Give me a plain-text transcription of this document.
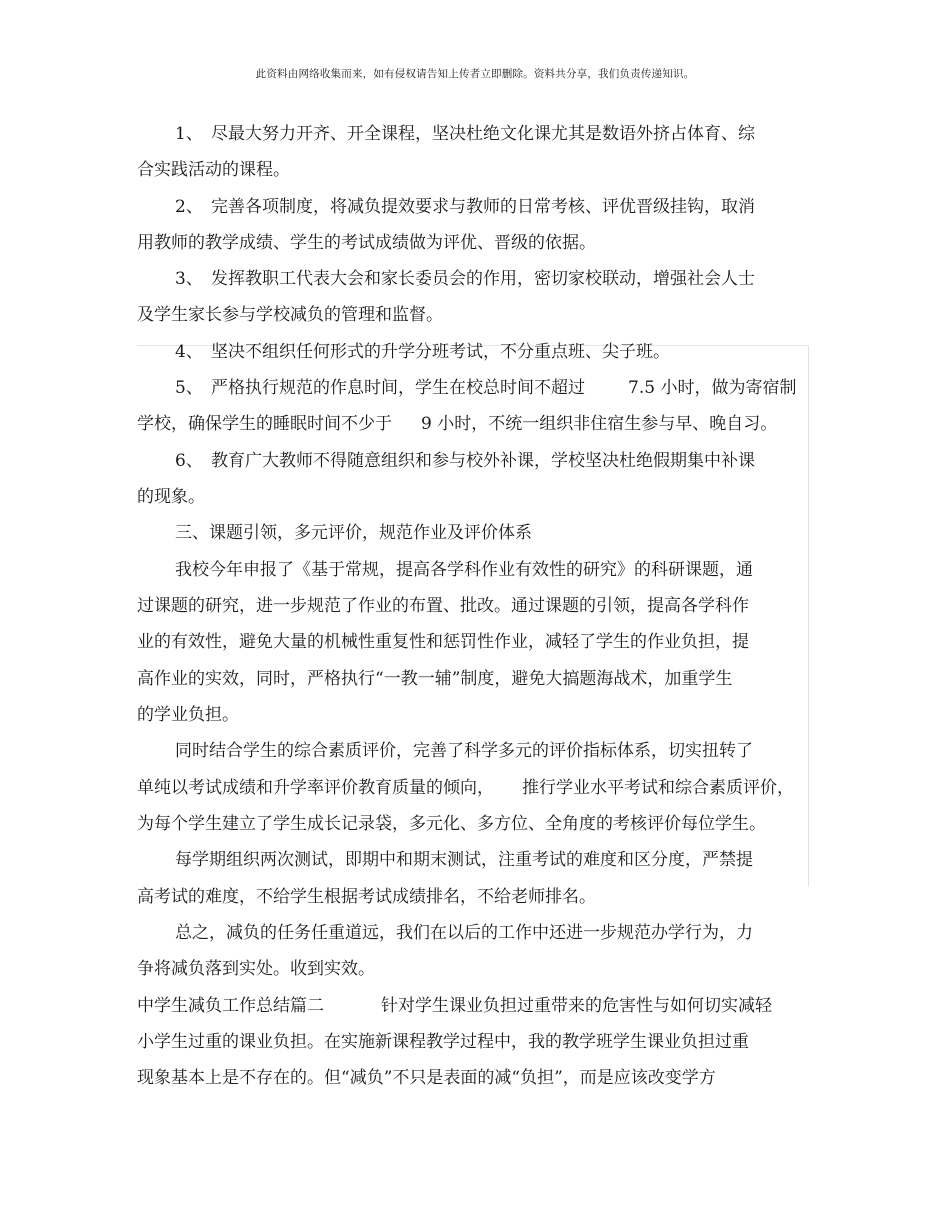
此资料由网络收集而来，如有侵权请告知上传者立即删除。资料共分享，我们负责传递知识。
1、 尽最大努力开齐、开全课程，坚决杜绝文化课尤其是数语外挤占体育、综
合实践活动的课程。
2、 完善各项制度，将减负提效要求与教师的日常考核、评优晋级挂钩，取消
用教师的教学成绩、学生的考试成绩做为评优、晋级的依据。
3、 发挥教职工代表大会和家长委员会的作用，密切家校联动，增强社会人士
及学生家长参与学校减负的管理和监督。
4、 坚决不组织任何形式的升学分班考试，不分重点班、尖子班。
5、 严格执行规范的作息时间，学生在校总时间不超过	7.5 小时，做为寄宿制
学校，确保学生的睡眠时间不少于 9 小时，不统一组织非住宿生参与早、晚自习。
6、 教育广大教师不得随意组织和参与校外补课，学校坚决杜绝假期集中补课
的现象。
三、课题引领，多元评价，规范作业及评价体系
我校今年申报了《基于常规，提高各学科作业有效性的研究》的科研课题，通
过课题的研究，进一步规范了作业的布置、批改。通过课题的引领，提高各学科作
业的有效性，避免大量的机械性重复性和惩罚性作业，减轻了学生的作业负担，提
高作业的实效，同时，严格执行“一教一辅”制度，避免大搞题海战术，加重学生
的学业负担。
同时结合学生的综合素质评价，完善了科学多元的评价指标体系，切实扭转了
单纯以考试成绩和升学率评价教育质量的倾向， 推行学业水平考试和综合素质评价，
为每个学生建立了学生成长记录袋，多元化、多方位、全角度的考核评价每位学生。
每学期组织两次测试，即期中和期末测试，注重考试的难度和区分度，严禁提
高考试的难度，不给学生根据考试成绩排名，不给老师排名。
总之，减负的任务任重道远，我们在以后的工作中还进一步规范办学行为，力
争将减负落到实处。收到实效。
中学生减负工作总结篇二	针对学生课业负担过重带来的危害性与如何切实减轻
小学生过重的课业负担。在实施新课程教学过程中，我的教学班学生课业负担过重
现象基本上是不存在的。但“减负”不只是表面的减“负担”，而是应该改变学方
